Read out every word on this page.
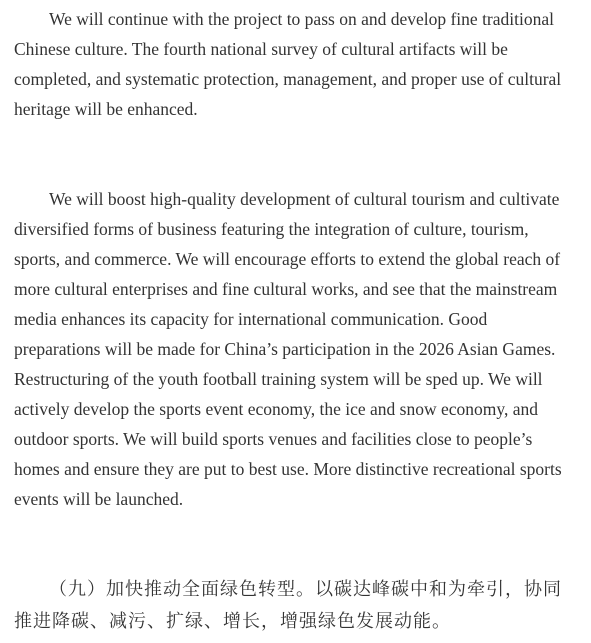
We will continue with the project to pass on and develop fine traditional Chinese culture. The fourth national survey of cultural artifacts will be completed, and systematic protection, management, and proper use of cultural heritage will be enhanced.

We will boost high-quality development of cultural tourism and cultivate diversified forms of business featuring the integration of culture, tourism, sports, and commerce. We will encourage efforts to extend the global reach of more cultural enterprises and fine cultural works, and see that the mainstream media enhances its capacity for international communication. Good preparations will be made for China’s participation in the 2026 Asian Games. Restructuring of the youth football training system will be sped up. We will actively develop the sports event economy, the ice and snow economy, and outdoor sports. We will build sports venues and facilities close to people’s homes and ensure they are put to best use. More distinctive recreational sports events will be launched.

（九）加快推动全面绿色转型。以碳达峰碳中和为牵引，协同推进降碳、减污、扩绿、增长，增强绿色发展动能。
